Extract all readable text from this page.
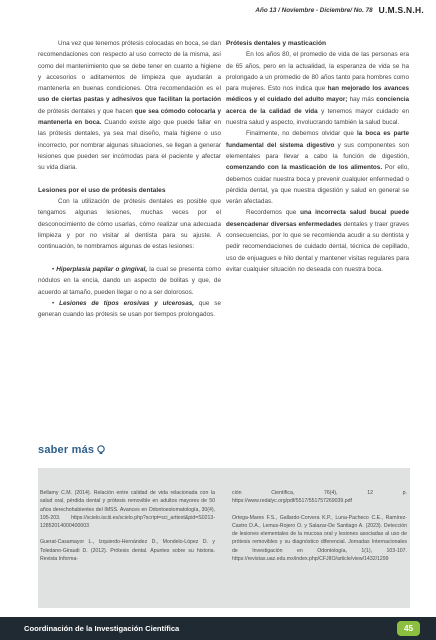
Año 13 / Noviembre - Diciembre/ No. 78 U.M.S.N.H.

Una vez que tenemos prótesis colocadas en boca, se dan recomendaciones con respecto al uso correcto de la misma, así como del mantenimiento que se debe tener en cuanto a higiene y accesorios o aditamentos de limpieza que ayudarán a mantenerla en buenas condiciones. Otra recomendación es el uso de ciertas pastas y adhesivos que facilitan la portación de prótesis dentales y que hacen que sea cómodo colocarla y mantenerla en boca. Cuando existe algo que puede fallar en las prótesis dentales, ya sea mal diseño, mala higiene o uso incorrecto, por nombrar algunas situaciones, se llegan a generar lesiones que pueden ser incómodas para el paciente y afectar su vida diaria.

Lesiones por el uso de prótesis dentales

Con la utilización de prótesis dentales es posible que tengamos algunas lesiones, muchas veces por el desconocimiento de cómo usarlas, cómo realizar una adecuada limpieza y por no visitar al dentista para su ajuste. A continuación, te nombramos algunas de estas lesiones:

• Hiperplasia papilar o gingival, la cual se presenta como nódulos en la encía, dando un aspecto de bolitas y que, de acuerdo al tamaño, pueden llegar o no a ser dolorosos.

• Lesiones de tipos erosivas y ulcerosas, que se generan cuando las prótesis se usan por tiempos prolongados.

Prótesis dentales y masticación

En los años 80, el promedio de vida de las personas era de 65 años, pero en la actualidad, la esperanza de vida se ha prolongado a un promedio de 80 años tanto para hombres como para mujeres. Esto nos indica que han mejorado los avances médicos y el cuidado del adulto mayor; hay más conciencia acerca de la calidad de vida y tenemos mayor cuidado en nuestra salud y aspecto, involucrando también la salud bucal.

Finalmente, no debemos olvidar que la boca es parte fundamental del sistema digestivo y sus componentes son elementales para llevar a cabo la función de digestión, comenzando con la masticación de los alimentos. Por ello, debemos cuidar nuestra boca y prevenir cualquier enfermedad o pérdida dental, ya que nuestra digestión y salud en general se verán afectadas.

Recordemos que una incorrecta salud bucal puede desencadenar diversas enfermedades dentales y traer graves consecuencias, por lo que se recomienda acudir a su dentista y pedir recomendaciones de cuidado dental, técnica de cepillado, uso de enjuagues e hilo dental y mantener visitas regulares para evitar cualquier situación no deseada con nuestra boca.

saber más

Bellamy C.M. (2014). Relación entre calidad de vida relacionada con la salud oral, pérdida dental y prótesis removible en adultos mayores de 50 años derechohabientes del IMSS. Avances en Odontoestomatología, 30(4), 195-203. https://scielo.isciii.es/scielo.php?script=sci_arttext&pid=S0213-12852014000400003

Guerat-Casamayor L., Izquierdo-Hernández D., Mondelo-López D. y Toledano-Giraudi D. (2012). Prótesis dental. Apuntes sobre su historia. Revista Informa-

ción Científica, 76(4), 12 p. https://www.redalyc.org/pdf/5517/551757269039.pdf

Ortega-Mares F.S., Gallardo-Corvera K.P., Luna-Pacheco C.E., Ramírez-Castro D.A., Lemus-Rojero O. y Salazar-De Santiago A. (2023). Detección de lesiones elementales de la mucosa oral y lesiones asociadas al uso de prótesis removibles y su diagnóstico diferencial. Jornadas Internacionales de Investigación en Odontología, 1(1), 103-107. https://revistas.uaz.edu.mx/index.php/CFJIIO/article/view/1432/1299

Coordinación de la Investigación Científica	45
